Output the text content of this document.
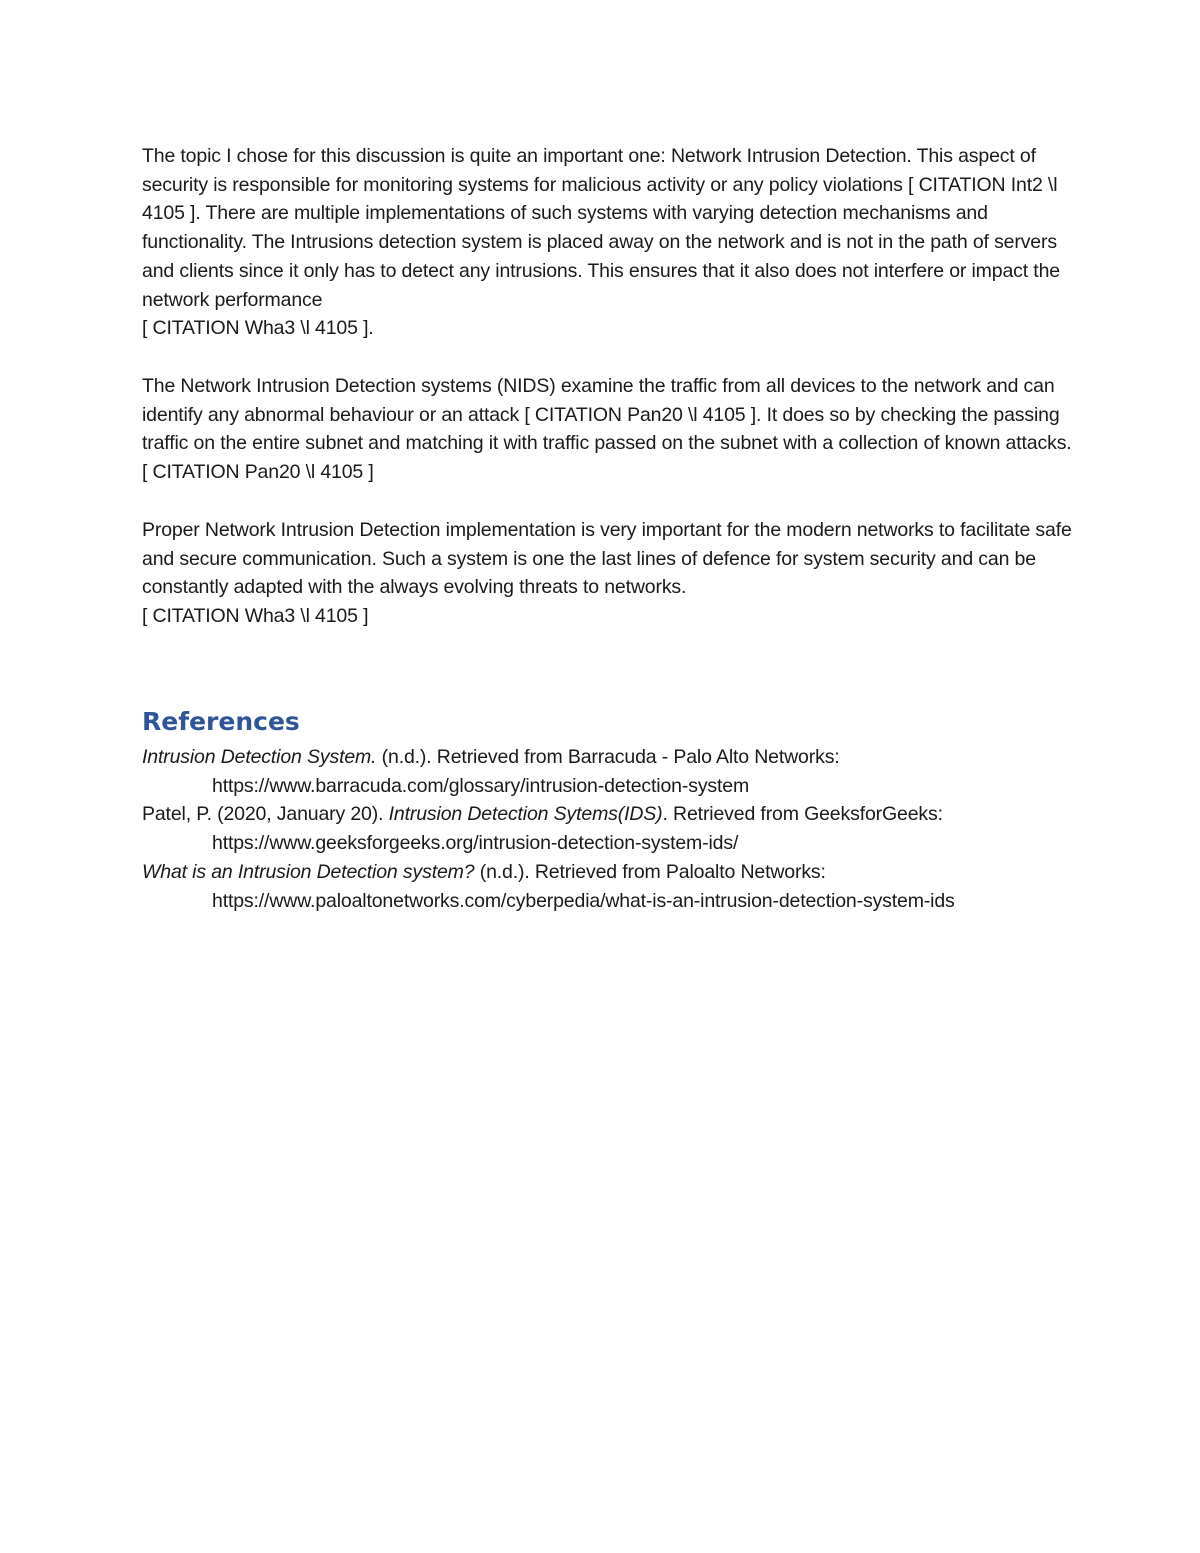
The topic I chose for this discussion is quite an important one: Network Intrusion Detection. This aspect of security is responsible for monitoring systems for malicious activity or any policy violations [ CITATION Int2 \l 4105 ]. There are multiple implementations of such systems with varying detection mechanisms and functionality. The Intrusions detection system is placed away on the network and is not in the path of servers and clients since it only has to detect any intrusions. This ensures that it also does not interfere or impact the network performance
[ CITATION Wha3 \l 4105 ].

The Network Intrusion Detection systems (NIDS) examine the traffic from all devices to the network and can identify any abnormal behaviour or an attack [ CITATION Pan20 \l 4105 ]. It does so by checking the passing traffic on the entire subnet and matching it with traffic passed on the subnet with a collection of known attacks.[ CITATION Pan20 \l 4105 ]

Proper Network Intrusion Detection implementation is very important for the modern networks to facilitate safe and secure communication. Such a system is one the last lines of defence for system security and can be constantly adapted with the always evolving threats to networks.
[ CITATION Wha3 \l 4105 ]

References

Intrusion Detection System. (n.d.). Retrieved from Barracuda - Palo Alto Networks:
https://www.barracuda.com/glossary/intrusion-detection-system

Patel, P. (2020, January 20). Intrusion Detection Sytems(IDS). Retrieved from GeeksforGeeks:
https://www.geeksforgeeks.org/intrusion-detection-system-ids/

What is an Intrusion Detection system? (n.d.). Retrieved from Paloalto Networks:
https://www.paloaltonetworks.com/cyberpedia/what-is-an-intrusion-detection-system-ids
